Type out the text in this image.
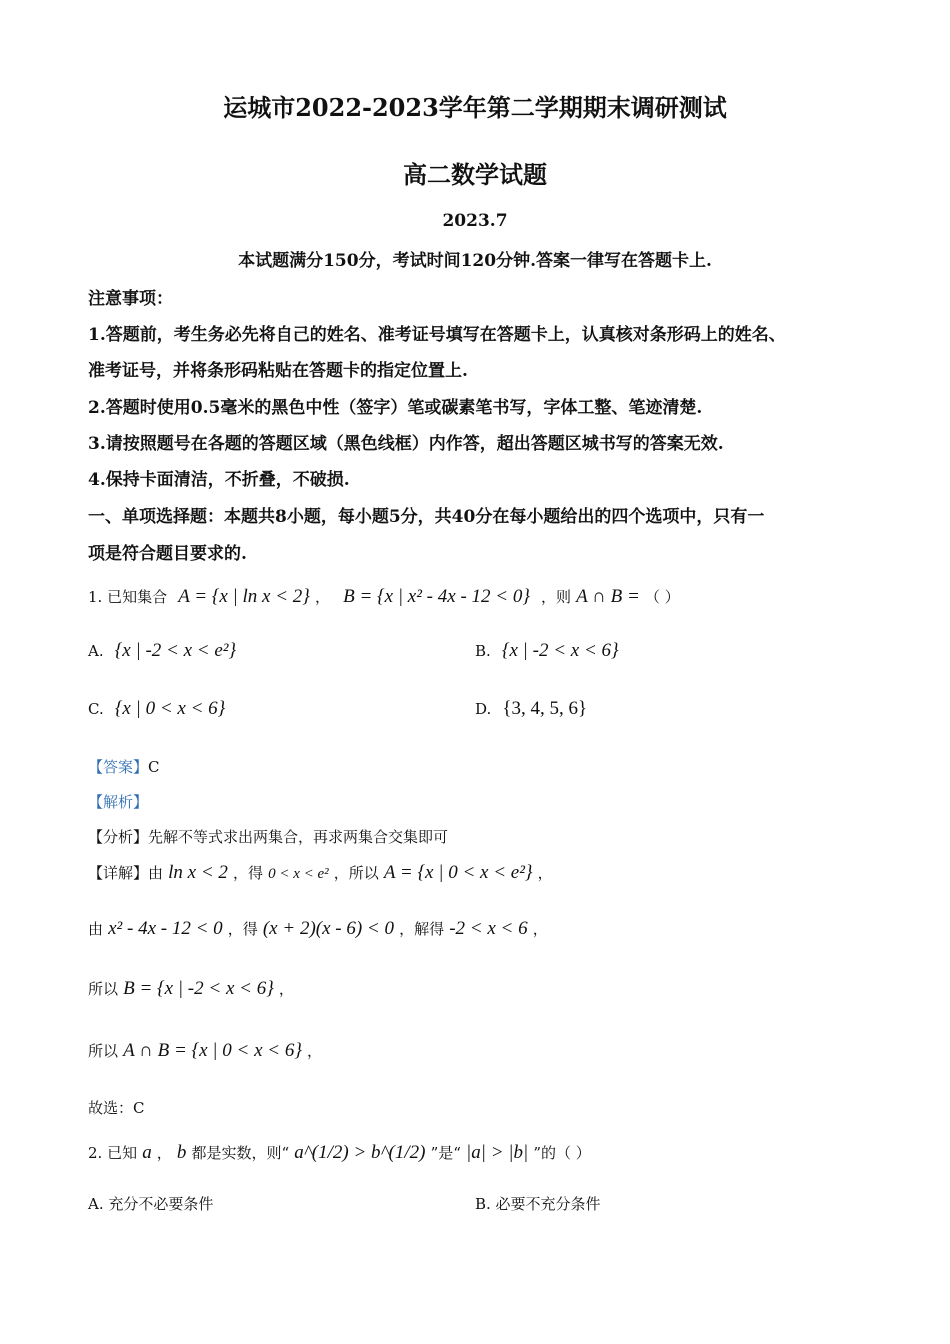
运城市2022-2023学年第二学期期末调研测试
高二数学试题
2023.7
本试题满分150分，考试时间120分钟.答案一律写在答题卡上.
注意事项：
1.答题前，考生务必先将自己的姓名、准考证号填写在答题卡上，认真核对条形码上的姓名、
准考证号，并将条形码粘贴在答题卡的指定位置上.
2.答题时使用0.5毫米的黑色中性（签字）笔或碳素笔书写，字体工整、笔迹清楚.
3.请按照题号在各题的答题区域（黑色线框）内作答，超出答题区城书写的答案无效.
4.保持卡面清洁，不折叠，不破损.
一、单项选择题：本题共8小题，每小题5分，共40分在每小题给出的四个选项中，只有一
项是符合题目要求的.
1. 已知集合 A = {x | ln x < 2} ， B = {x | x² - 4x - 12 < 0} ，则 A ∩ B = （ ）
A. {x | -2 < x < e²}	B. {x | -2 < x < 6}
C. {x | 0 < x < 6}	D. {3, 4, 5, 6}
【答案】C
【解析】
【分析】先解不等式求出两集合，再求两集合交集即可
【详解】由 ln x < 2 ，得 0 < x < e² ，所以 A = {x | 0 < x < e²} ，
由 x² - 4x - 12 < 0 ，得 (x + 2)(x - 6) < 0 ，解得 -2 < x < 6 ，
所以 B = {x | -2 < x < 6} ，
所以 A ∩ B = {x | 0 < x < 6} ，
故选：C
2. 已知 a ， b 都是实数，则“ a^(1/2) > b^(1/2) ”是“ |a| > |b| ”的（ ）
A. 充分不必要条件	B. 必要不充分条件
